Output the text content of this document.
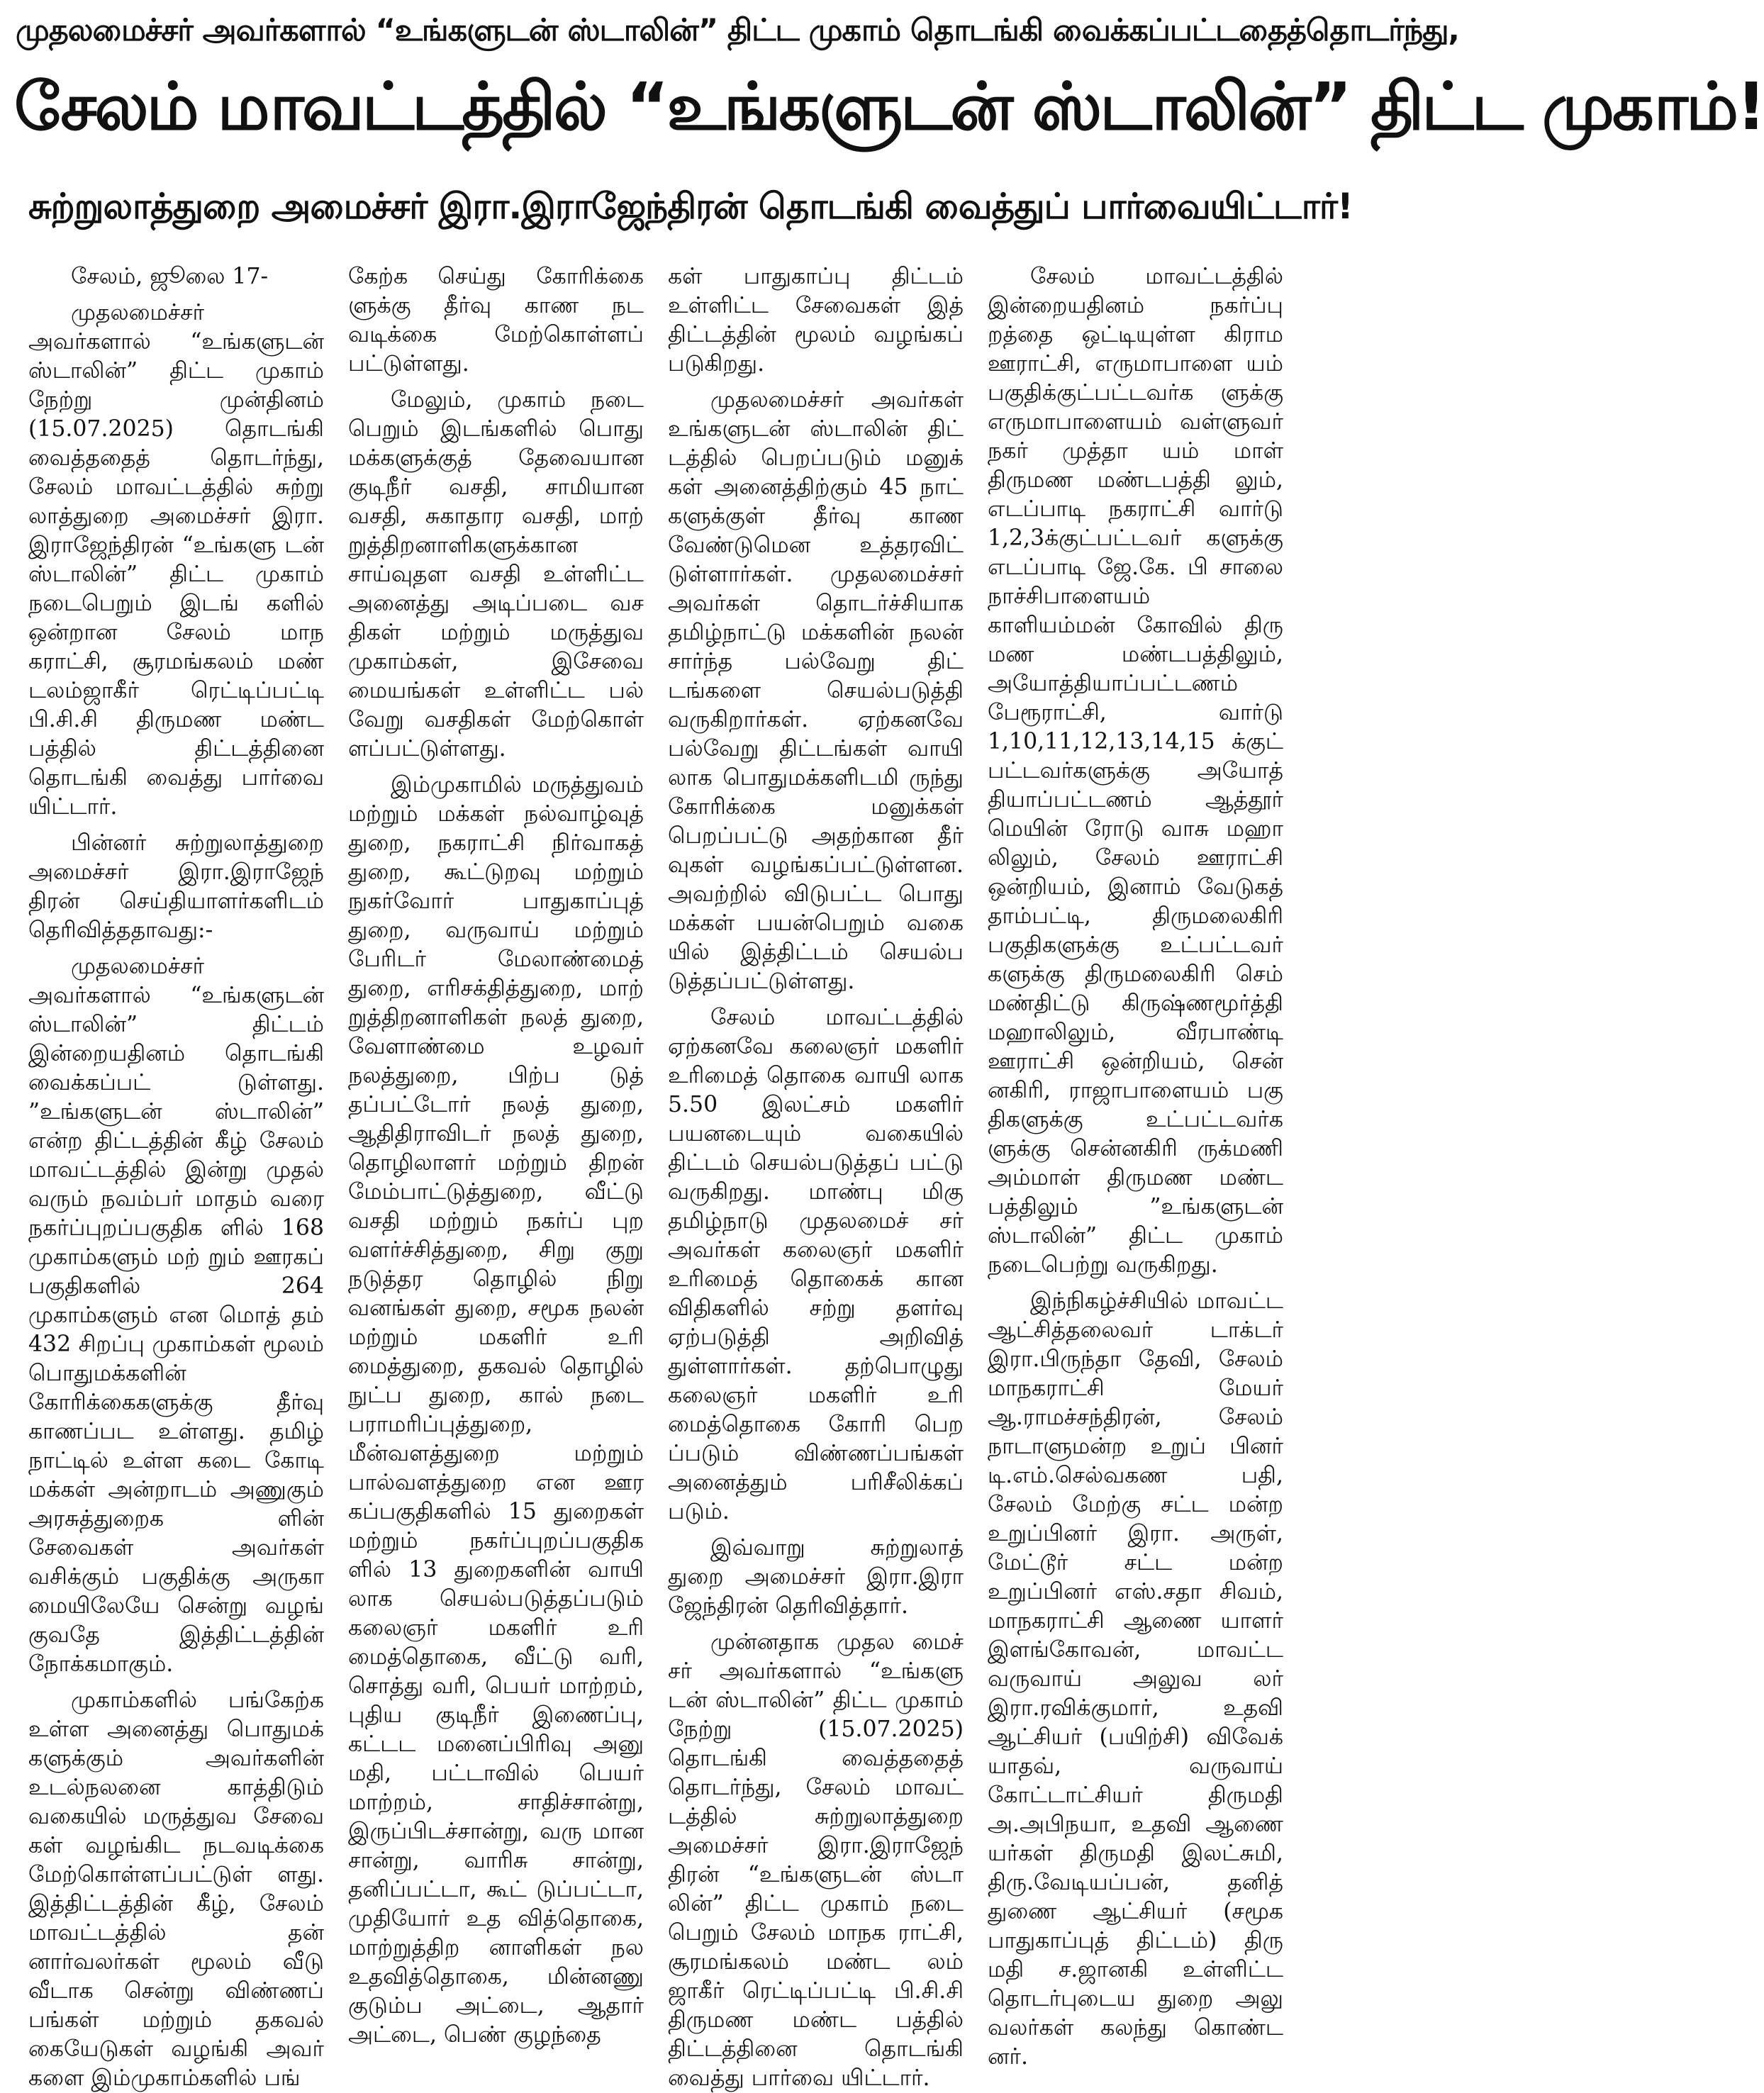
முதலமைச்சர் அவர்களால் “உங்களுடன் ஸ்டாலின்” திட்ட முகாம் தொடங்கி வைக்கப்பட்டதைத்தொடர்ந்து,
சேலம் மாவட்டத்தில் “உங்களுடன் ஸ்டாலின்” திட்ட முகாம்!
சுற்றுலாத்துறை அமைச்சர் இரா.இராஜேந்திரன் தொடங்கி வைத்துப் பார்வையிட்டார்!

சேலம், ஜூலை 17-

முதலமைச்சர் அவர்களால் “உங்களுடன் ஸ்டாலின்” திட்ட முகாம் நேற்று முன்தினம் (15.07.2025) தொடங்கி வைத்ததைத் தொடர்ந்து, சேலம் மாவட்டத்தில் சுற்று லாத்துறை அமைச்சர் இரா. இராஜேந்திரன் “உங்களு டன் ஸ்டாலின்” திட்ட முகாம் நடைபெறும் இடங் களில் ஒன்றான சேலம் மாந கராட்சி, சூரமங்கலம் மண் டலம்ஜாகீர் ரெட்டிப்பட்டி பி.சி.சி திருமண மண்ட பத்தில் திட்டத்தினை தொடங்கி வைத்து பார்வை யிட்டார்.

பின்னர் சுற்றுலாத்துறை அமைச்சர் இரா.இராஜேந் திரன் செய்தியாளர்களிடம் தெரிவித்ததாவது:-

முதலமைச்சர் அவர்களால் “உங்களுடன் ஸ்டாலின்” திட்டம் இன்றையதினம் தொடங்கி வைக்கப்பட் டுள்ளது. ”உங்களுடன் ஸ்டாலின்” என்ற திட்டத்தின் கீழ் சேலம் மாவட்டத்தில் இன்று முதல் வரும் நவம்பர் மாதம் வரை நகர்ப்புறப்பகுதிக ளில் 168 முகாம்களும் மற் றும் ஊரகப் பகுதிகளில் 264 முகாம்களும் என மொத் தம் 432 சிறப்பு முகாம்கள் மூலம் பொதுமக்களின் கோரிக்கைகளுக்கு தீர்வு காணப்பட உள்ளது. தமிழ் நாட்டில் உள்ள கடை கோடி மக்கள் அன்றாடம் அணுகும் அரசுத்துறைக ளின் சேவைகள் அவர்கள் வசிக்கும் பகுதிக்கு அருகா மையிலேயே சென்று வழங் குவதே இத்திட்டத்தின் நோக்கமாகும்.

முகாம்களில் பங்கேற்க உள்ள அனைத்து பொதுமக் களுக்கும் அவர்களின் உடல்நலனை காத்திடும் வகையில் மருத்துவ சேவை கள் வழங்கிட நடவடிக்கை மேற்கொள்ளப்பட்டுள் ளது. இத்திட்டத்தின் கீழ், சேலம் மாவட்டத்தில் தன் னார்வலர்கள் மூலம் வீடு வீடாக சென்று விண்ணப் பங்கள் மற்றும் தகவல் கையேடுகள் வழங்கி அவர் களை இம்முகாம்களில் பங்

கேற்க செய்து கோரிக்கை ளுக்கு தீர்வு காண நட வடிக்கை மேற்கொள்ளப் பட்டுள்ளது.

மேலும், முகாம் நடை பெறும் இடங்களில் பொது மக்களுக்குத் தேவையான குடிநீர் வசதி, சாமியான வசதி, சுகாதார வசதி, மாற் றுத்திறனாளிகளுக்கான சாய்வுதள வசதி உள்ளிட்ட அனைத்து அடிப்படை வச திகள் மற்றும் மருத்துவ முகாம்கள், இசேவை மையங்கள் உள்ளிட்ட பல் வேறு வசதிகள் மேற்கொள் ளப்பட்டுள்ளது.

இம்முகாமில் மருத்துவம் மற்றும் மக்கள் நல்வாழ்வுத் துறை, நகராட்சி நிர்வாகத் துறை, கூட்டுறவு மற்றும் நுகர்வோர் பாதுகாப்புத் துறை, வருவாய் மற்றும் பேரிடர் மேலாண்மைத் துறை, எரிசக்தித்துறை, மாற் றுத்திறனாளிகள் நலத் துறை, வேளாண்மை உழவர் நலத்துறை, பிற்ப டுத் தப்பட்டோர் நலத் துறை, ஆதிதிராவிடர் நலத் துறை, தொழிலாளர் மற்றும் திறன் மேம்பாட்டுத்துறை, வீட்டு வசதி மற்றும் நகர்ப் புற வளர்ச்சித்துறை, சிறு குறு நடுத்தர தொழில் நிறு வனங்கள் துறை, சமூக நலன் மற்றும் மகளிர் உரி மைத்துறை, தகவல் தொழில் நுட்ப துறை, கால் நடை பராமரிப்புத்துறை, மீன்வளத்துறை மற்றும் பால்வளத்துறை என ஊர கப்பகுதிகளில் 15 துறைகள் மற்றும் நகர்ப்புறப்பகுதிக ளில் 13 துறைகளின் வாயி லாக செயல்படுத்தப்படும் கலைஞர் மகளிர் உரி மைத்தொகை, வீட்டு வரி, சொத்து வரி, பெயர் மாற்றம், புதிய குடிநீர் இணைப்பு, கட்டட மனைப்பிரிவு அனு மதி, பட்டாவில் பெயர் மாற்றம், சாதிச்சான்று, இருப்பிடச்சான்று, வரு மான சான்று, வாரிசு சான்று, தனிப்பட்டா, கூட் டுப்பட்டா, முதியோர் உத வித்தொகை, மாற்றுத்திற னாளிகள் நல உதவித்தொகை, மின்னணு குடும்ப அட்டை, ஆதார் அட்டை, பெண் குழந்தை

கள் பாதுகாப்பு திட்டம் உள்ளிட்ட சேவைகள் இத் திட்டத்தின் மூலம் வழங்கப் படுகிறது.

முதலமைச்சர் அவர்கள் உங்களுடன் ஸ்டாலின் திட் டத்தில் பெறப்படும் மனுக் கள் அனைத்திற்கும் 45 நாட் களுக்குள் தீர்வு காண வேண்டுமென உத்தரவிட் டுள்ளார்கள். முதலமைச்சர் அவர்கள் தொடர்ச்சியாக தமிழ்நாட்டு மக்களின் நலன் சார்ந்த பல்வேறு திட் டங்களை செயல்படுத்தி வருகிறார்கள். ஏற்கனவே பல்வேறு திட்டங்கள் வாயி லாக பொதுமக்களிடமி ருந்து கோரிக்கை மனுக்கள் பெறப்பட்டு அதற்கான தீர் வுகள் வழங்கப்பட்டுள்ளன. அவற்றில் விடுபட்ட பொது மக்கள் பயன்பெறும் வகை யில் இத்திட்டம் செயல்ப டுத்தப்பட்டுள்ளது.

சேலம் மாவட்டத்தில் ஏற்கனவே கலைஞர் மகளிர் உரிமைத் தொகை வாயி லாக 5.50 இலட்சம் மகளிர் பயனடையும் வகையில் திட்டம் செயல்படுத்தப் பட்டு வருகிறது. மாண்பு மிகு தமிழ்நாடு முதலமைச் சர் அவர்கள் கலைஞர் மகளிர் உரிமைத் தொகைக் கான விதிகளில் சற்று தளர்வு ஏற்படுத்தி அறிவித் துள்ளார்கள். தற்பொழுது கலைஞர் மகளிர் உரி மைத்தொகை கோரி பெற ப்படும் விண்ணப்பங்கள் அனைத்தும் பரிசீலிக்கப் படும்.

இவ்வாறு சுற்றுலாத் துறை அமைச்சர் இரா.இரா ஜேந்திரன் தெரிவித்தார்.

முன்னதாக முதல மைச் சர் அவர்களால் “உங்களு டன் ஸ்டாலின்” திட்ட முகாம் நேற்று (15.07.2025) தொடங்கி வைத்ததைத் தொடர்ந்து, சேலம் மாவட் டத்தில் சுற்றுலாத்துறை அமைச்சர் இரா.இராஜேந் திரன் “உங்களுடன் ஸ்டா லின்” திட்ட முகாம் நடை பெறும் சேலம் மாநக ராட்சி, சூரமங்கலம் மண்ட லம் ஜாகீர் ரெட்டிப்பட்டி பி.சி.சி திருமண மண்ட பத்தில் திட்டத்தினை தொடங்கி வைத்து பார்வை யிட்டார்.

சேலம் மாவட்டத்தில் இன்றையதினம் நகர்ப்பு றத்தை ஒட்டியுள்ள கிராம ஊராட்சி, எருமாபாளை யம் பகுதிக்குட்பட்டவர்க ளுக்கு எருமாபாளையம் வள்ளுவர் நகர் முத்தா யம் மாள் திருமண மண்டபத்தி லும், எடப்பாடி நகராட்சி வார்டு 1,2,3க்குட்பட்டவர் களுக்கு எடப்பாடி ஜே.கே. பி சாலை நாச்சிபாளையம் காளியம்மன் கோவில் திரு மண மண்டபத்திலும், அயோத்தியாப்பட்டணம் பேரூராட்சி, வார்டு 1,10,11,12,13,14,15 க்குட் பட்டவர்களுக்கு அயோத் தியாப்பட்டணம் ஆத்தூர் மெயின் ரோடு வாசு மஹா லிலும், சேலம் ஊராட்சி ஒன்றியம், இனாம் வேடுகத் தாம்பட்டி, திருமலைகிரி பகுதிகளுக்கு உட்பட்டவர் களுக்கு திருமலைகிரி செம் மண்திட்டு கிருஷ்ணமூர்த்தி மஹாலிலும், வீரபாண்டி ஊராட்சி ஒன்றியம், சென் னகிரி, ராஜாபாளையம் பகு திகளுக்கு உட்பட்டவர்க ளுக்கு சென்னகிரி ருக்மணி அம்மாள் திருமண மண்ட பத்திலும் ”உங்களுடன் ஸ்டாலின்” திட்ட முகாம் நடைபெற்று வருகிறது.

இந்நிகழ்ச்சியில் மாவட்ட ஆட்சித்தலைவர் டாக்டர் இரா.பிருந்தா தேவி, சேலம் மாநகராட்சி மேயர் ஆ.ராமச்சந்திரன், சேலம் நாடாளுமன்ற உறுப் பினர் டி.எம்.செல்வகண பதி, சேலம் மேற்கு சட்ட மன்ற உறுப்பினர் இரா. அருள், மேட்டூர் சட்ட மன்ற உறுப்பினர் எஸ்.சதா சிவம், மாநகராட்சி ஆணை யாளர் இளங்கோவன், மாவட்ட வருவாய் அலுவ லர் இரா.ரவிக்குமார், உதவி ஆட்சியர் (பயிற்சி) விவேக் யாதவ், வருவாய் கோட்டாட்சியர் திருமதி அ.அபிநயா, உதவி ஆணை யர்கள் திருமதி இலட்சுமி, திரு.வேடியப்பன், தனித் துணை ஆட்சியர் (சமூக பாதுகாப்புத் திட்டம்) திரு மதி ச.ஜானகி உள்ளிட்ட தொடர்புடைய துறை அலு வலர்கள் கலந்து கொண்ட னர்.
